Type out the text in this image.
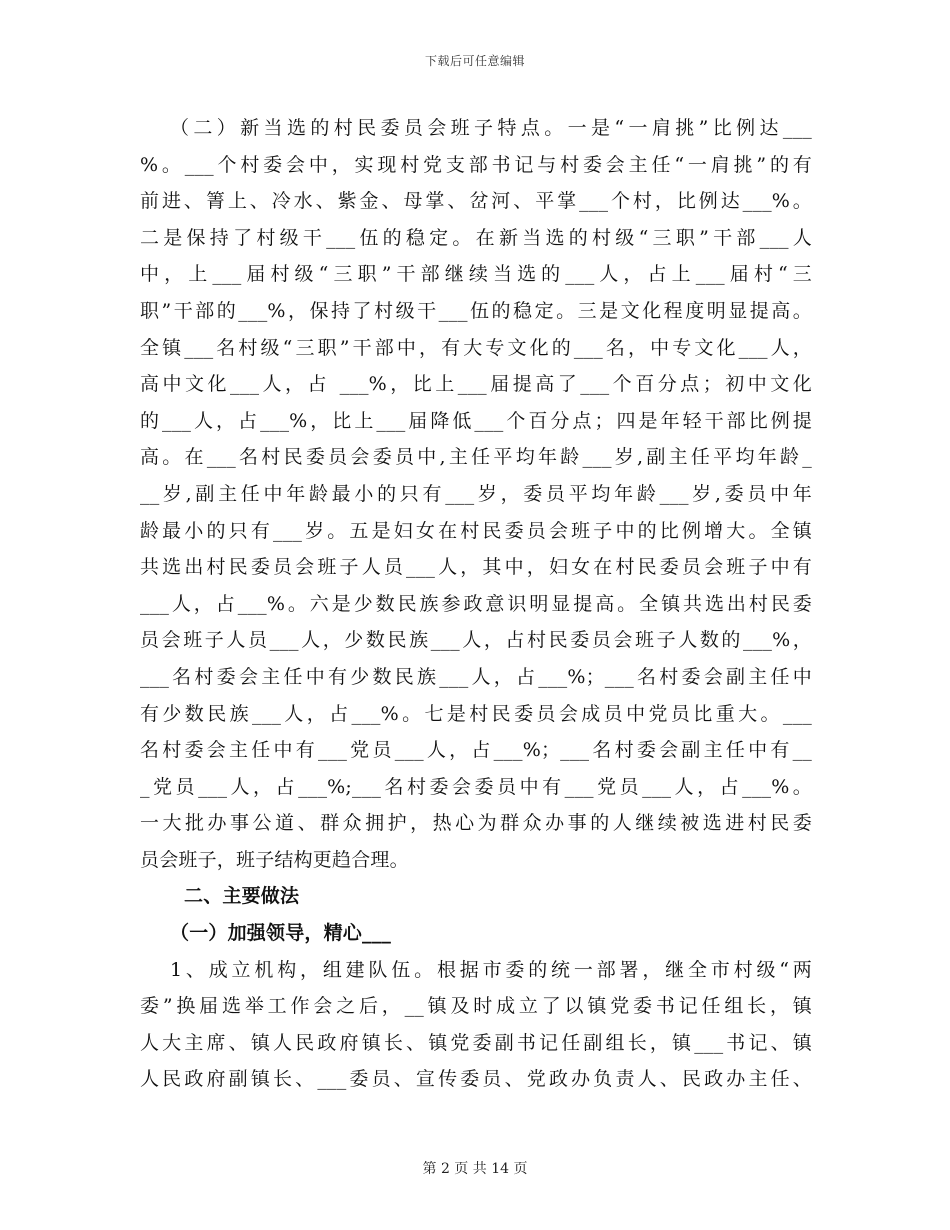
下载后可任意编辑
（二）新当选的村民委员会班子特点。一是“一肩挑”比例达___
%。___个村委会中，实现村党支部书记与村委会主任“一肩挑”的有
前进、箐上、冷水、紫金、母掌、岔河、平掌___个村，比例达___%。
二是保持了村级干___伍的稳定。在新当选的村级“三职”干部___人
中，上___届村级“三职”干部继续当选的___人，占上___届村“三
职”干部的___%，保持了村级干___伍的稳定。三是文化程度明显提高。
全镇___名村级“三职”干部中，有大专文化的___名，中专文化___人，
高中文化___人，占 ___%，比上___届提高了___个百分点；初中文化
的___人，占___%，比上___届降低___个百分点；四是年轻干部比例提
高。在___名村民委员会委员中,主任平均年龄___岁,副主任平均年龄_
__岁,副主任中年龄最小的只有___岁，委员平均年龄___岁,委员中年
龄最小的只有___岁。五是妇女在村民委员会班子中的比例增大。全镇
共选出村民委员会班子人员___人，其中，妇女在村民委员会班子中有
___人，占___%。六是少数民族参政意识明显提高。全镇共选出村民委
员会班子人员___人，少数民族___人，占村民委员会班子人数的___%，
___名村委会主任中有少数民族___人，占___%；___名村委会副主任中
有少数民族___人，占___%。七是村民委员会成员中党员比重大。___
名村委会主任中有___党员___人，占___%；___名村委会副主任中有__
_党员___人，占___%;___名村委会委员中有___党员___人，占___%。
一大批办事公道、群众拥护，热心为群众办事的人继续被选进村民委
员会班子，班子结构更趋合理。
二、主要做法
（一）加强领导，精心___
1、成立机构，组建队伍。根据市委的统一部署，继全市村级“两
委”换届选举工作会之后，__镇及时成立了以镇党委书记任组长，镇
人大主席、镇人民政府镇长、镇党委副书记任副组长，镇___书记、镇
人民政府副镇长、___委员、宣传委员、党政办负责人、民政办主任、
第 2 页 共 14 页
